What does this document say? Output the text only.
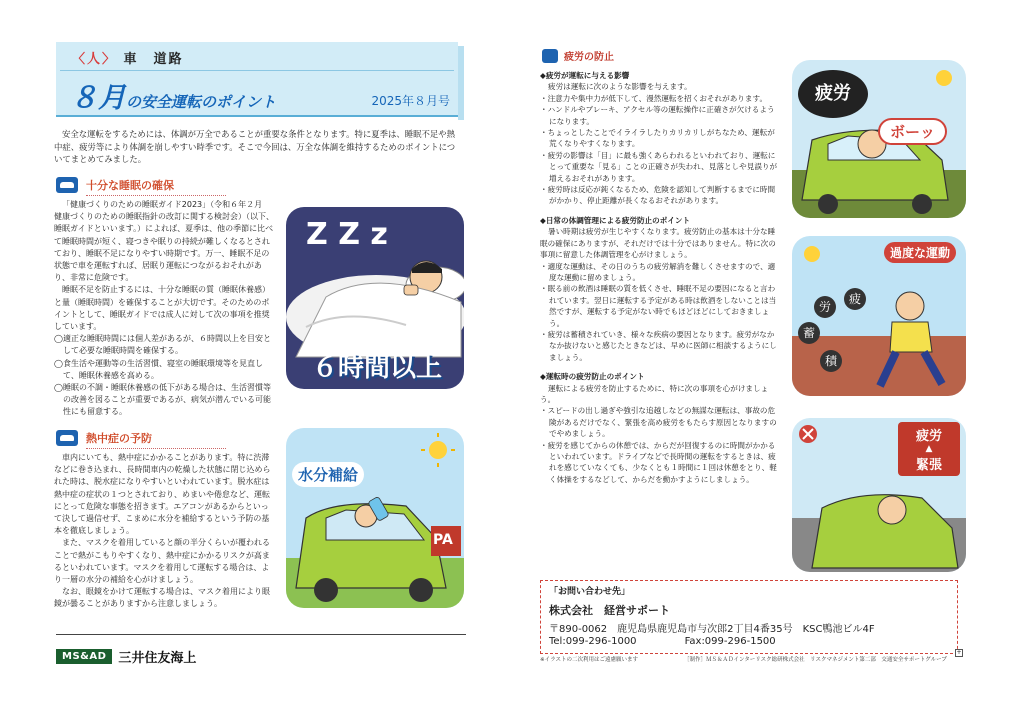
〈人〉 車　道路
８月の安全運転のポイント	2025年８月号
安全な運転をするためには、体調が万全であることが重要な条件となります。特に夏季は、睡眠不足や熱中症、疲労等により体調を崩しやすい時季です。そこで今回は、万全な体調を維持するためのポイントについてまとめてみました。
十分な睡眠の確保

「健康づくりのための睡眠ガイド2023」（令和６年２月　健康づくりのための睡眠指針の改訂に関する検討会）（以下、睡眠ガイドといいます。）によれば、夏季は、他の季節に比べて睡眠時間が短く、寝つきや眠りの持続が難しくなるとされており、睡眠不足になりやすい時期です。万一、睡眠不足の状態で車を運転すれば、居眠り運転につながるおそれがあり、非常に危険です。

睡眠不足を防止するには、十分な睡眠の質（睡眠休養感）と量（睡眠時間）を確保することが大切です。そのためのポイントとして、睡眠ガイドでは成人に対して次の事項を推奨しています。

◯適正な睡眠時間には個人差があるが、６時間以上を目安として必要な睡眠時間を確保する。

◯食生活や運動等の生活習慣、寝室の睡眠環境等を見直して、睡眠休養感を高める。

◯睡眠の不調・睡眠休養感の低下がある場合は、生活習慣等の改善を図ることが重要であるが、病気が潜んでいる可能性にも留意する。

Z Z z
６時間以上
熱中症の予防

車内にいても、熱中症にかかることがあります。特に渋滞などに巻き込まれ、長時間車内の乾燥した状態に閉じ込められた時は、脱水症になりやすいといわれています。脱水症は熱中症の症状の１つとされており、めまいや倦怠など、運転にとって危険な事態を招きます。エアコンがあるからといって決して過信せず、こまめに水分を補給するという予防の基本を徹底しましょう。

また、マスクを着用していると顔の半分くらいが覆われることで熱がこもりやすくなり、熱中症にかかるリスクが高まるといわれています。マスクを着用して運転する場合は、より一層の水分の補給を心がけましょう。

なお、眼鏡をかけて運転する場合は、マスク着用により眼鏡が曇ることがありますから注意しましょう。

水分補給
PA
MS&AD 三井住友海上
疲労の防止

◆疲労が運転に与える影響

疲労は運転に次のような影響を与えます。

・注意力や集中力が低下して、漫然運転を招くおそれがあります。

・ハンドルやブレーキ、アクセル等の運転操作に正確さが欠けるようになります。

・ちょっとしたことでイライラしたりカリカリしがちなため、運転が荒くなりやすくなります。

・疲労の影響は「目」に最も強くあらわれるといわれており、運転にとって重要な「見る」ことの正確さが失われ、見落としや見誤りが増えるおそれがあります。

・疲労時は反応が鈍くなるため、危険を認知して判断するまでに時間がかかり、停止距離が長くなるおそれがあります。

◆日常の体調管理による疲労防止のポイント

暑い時期は疲労が生じやすくなります。疲労防止の基本は十分な睡眠の確保にありますが、それだけでは十分ではありません。特に次の事項に留意した体調管理を心がけましょう。

・適度な運動は、その日のうちの疲労解消を難しくさせますので、適度な運動に留めましょう。

・眠る前の飲酒は睡眠の質を低くさせ、睡眠不足の要因になると言われています。翌日に運転する予定がある時は飲酒をしないことは当然ですが、運転する予定がない時でもほどほどにしておきましょう。

・疲労は蓄積されていき、様々な疾病の要因となります。疲労がなかなか抜けないと感じたときなどは、早めに医師に相談するようにしましょう。

◆運転時の疲労防止のポイント

運転による疲労を防止するために、特に次の事項を心がけましょう。

・スピードの出し過ぎや強引な追越しなどの無謀な運転は、事故の危険があるだけでなく、緊張を高め疲労をもたらす原因となりますのでやめましょう。

・疲労を感じてからの休憩では、からだが回復するのに時間がかかるといわれています。ドライブなどで長時間の運転をするときは、疲れを感じていなくても、少なくとも１時間に１回は休憩をとり、軽く体操をするなどして、からだを動かすようにしましょう。

疲労
ボーッ
過度な運動
労
疲
蓄
積
疲労
▲
緊張
「お問い合わせ先」
株式会社　経営サポート
〒890-0062　鹿児島県鹿児島市与次郎2丁目4番35号　KSC鴨池ビル4F
Tel:099-296-1000	Fax:099-296-1500
+
※イラストの二次利用はご遠慮願います	［制作］ＭＳ＆ＡＤインターリスク総研株式会社　リスクマネジメント第二部　交通安全サポートグループ
